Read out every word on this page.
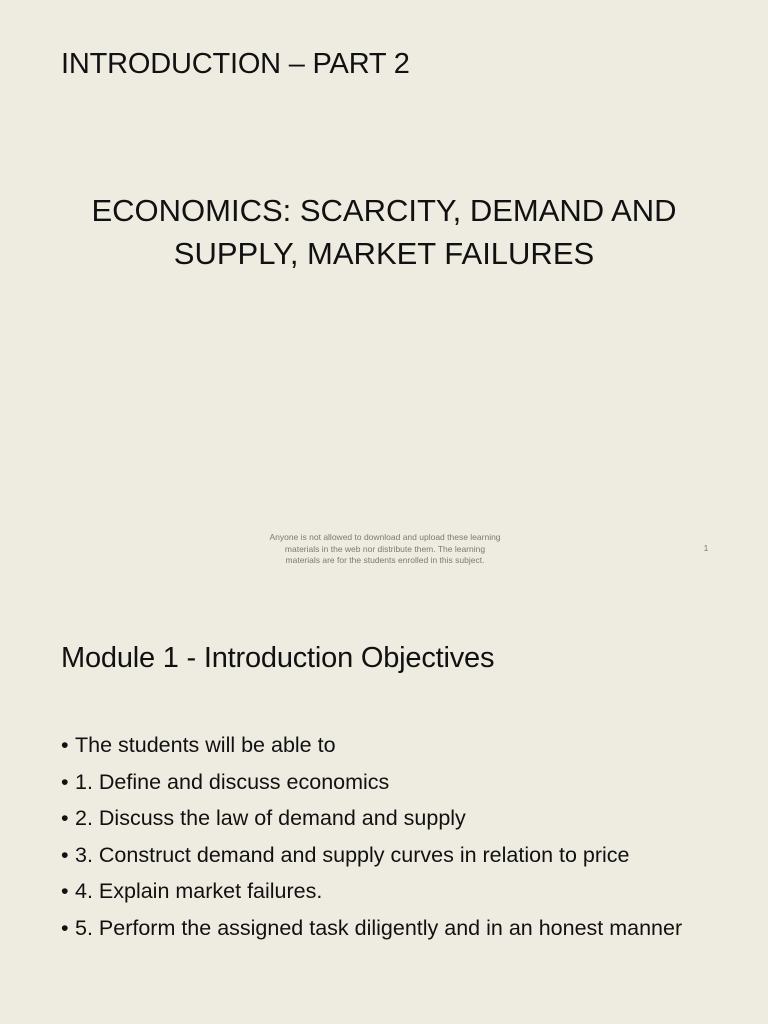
INTRODUCTION – PART 2
ECONOMICS: SCARCITY, DEMAND AND
SUPPLY, MARKET FAILURES
Anyone is not allowed to download and upload these learning
materials in the web nor distribute them. The learning
materials are for the students enrolled in this subject.
1
Module 1 - Introduction Objectives
• The students will be able to
• 1. Define and discuss economics
• 2. Discuss the law of demand and supply
• 3. Construct demand and supply curves in relation to price
• 4. Explain market failures.
• 5. Perform the assigned task diligently and in an honest manner
